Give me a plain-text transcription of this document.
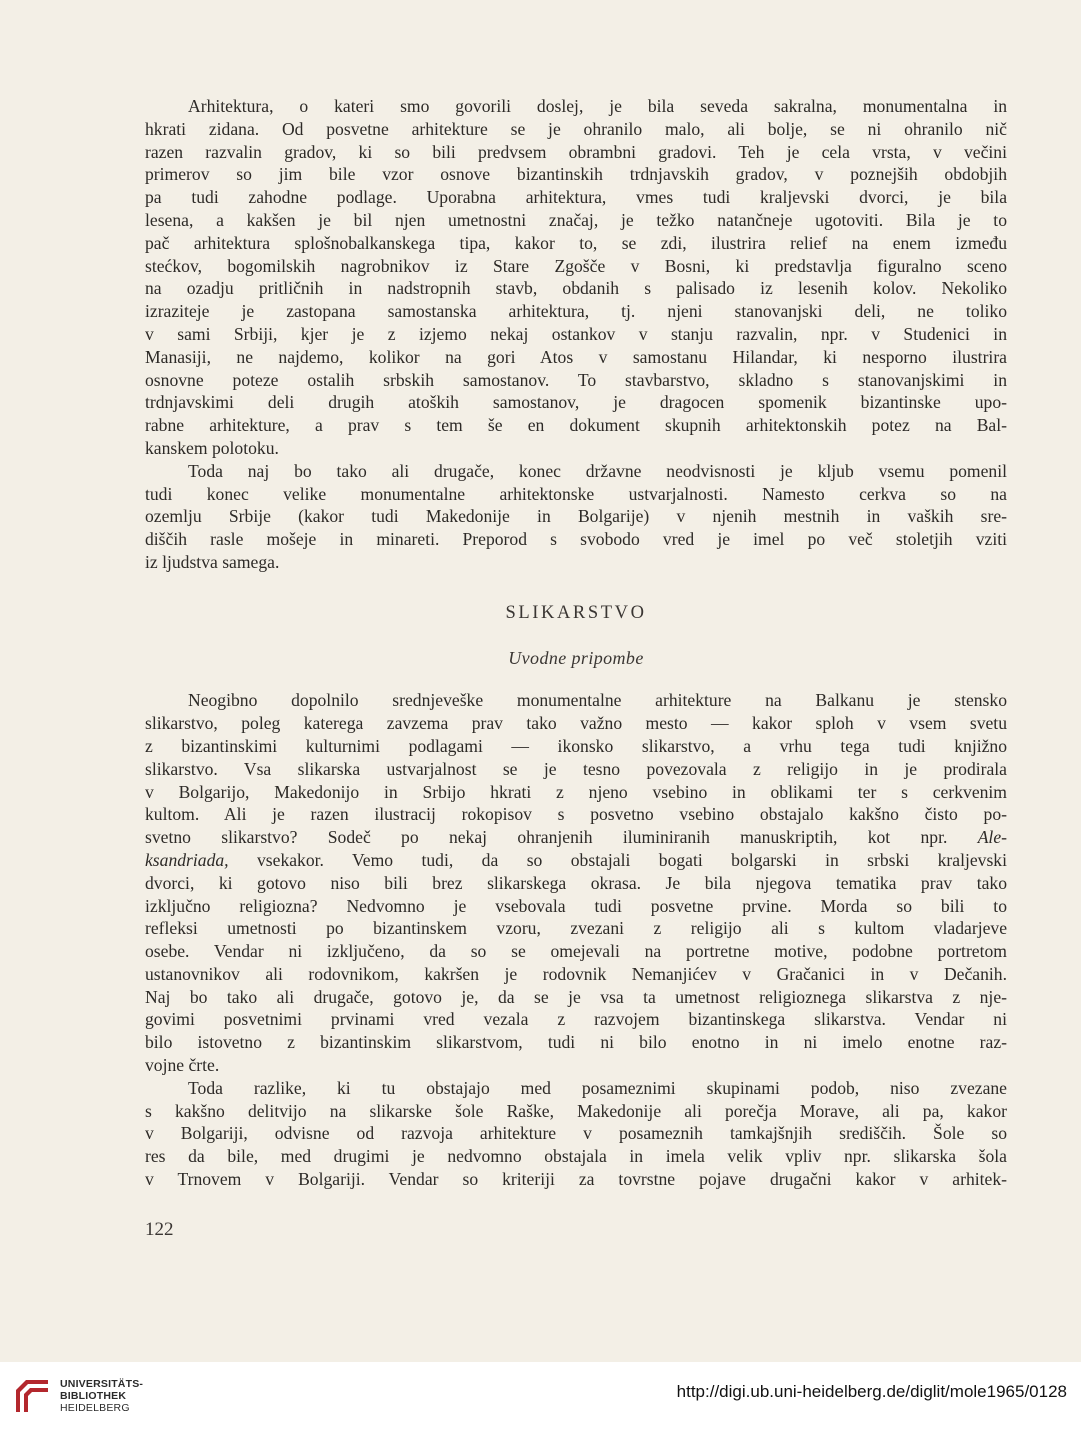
Arhitektura, o kateri smo govorili doslej, je bila seveda sakralna, monumentalna in
hkrati zidana. Od posvetne arhitekture se je ohranilo malo, ali bolje, se ni ohranilo nič
razen razvalin gradov, ki so bili predvsem obrambni gradovi. Teh je cela vrsta, v večini
primerov so jim bile vzor osnove bizantinskih trdnjavskih gradov, v poznejših obdobjih
pa tudi zahodne podlage. Uporabna arhitektura, vmes tudi kraljevski dvorci, je bila
lesena, a kakšen je bil njen umetnostni značaj, je težko natančneje ugotoviti. Bila je to
pač arhitektura splošnobalkanskega tipa, kakor to, se zdi, ilustrira relief na enem između
stećkov, bogomilskih nagrobnikov iz Stare Zgošče v Bosni, ki predstavlja figuralno sceno
na ozadju pritličnih in nadstropnih stavb, obdanih s palisado iz lesenih kolov. Nekoliko
izraziteje je zastopana samostanska arhitektura, tj. njeni stanovanjski deli, ne toliko
v sami Srbiji, kjer je z izjemo nekaj ostankov v stanju razvalin, npr. v Studenici in
Manasiji, ne najdemo, kolikor na gori Atos v samostanu Hilandar, ki nesporno ilustrira
osnovne poteze ostalih srbskih samostanov. To stavbarstvo, skladno s stanovanjskimi in
trdnjavskimi deli drugih atoških samostanov, je dragocen spomenik bizantinske upo-
rabne arhitekture, a prav s tem še en dokument skupnih arhitektonskih potez na Bal-
kanskem polotoku.
Toda naj bo tako ali drugače, konec državne neodvisnosti je kljub vsemu pomenil
tudi konec velike monumentalne arhitektonske ustvarjalnosti. Namesto cerkva so na
ozemlju Srbije (kakor tudi Makedonije in Bolgarije) v njenih mestnih in vaških sre-
diščih rasle mošeje in minareti. Preporod s svobodo vred je imel po več stoletjih vziti
iz ljudstva samega.
SLIKARSTVO
Uvodne pripombe
Neogibno dopolnilo srednjeveške monumentalne arhitekture na Balkanu je stensko
slikarstvo, poleg katerega zavzema prav tako važno mesto — kakor sploh v vsem svetu
z bizantinskimi kulturnimi podlagami — ikonsko slikarstvo, a vrhu tega tudi knjižno
slikarstvo. Vsa slikarska ustvarjalnost se je tesno povezovala z religijo in je prodirala
v Bolgarijo, Makedonijo in Srbijo hkrati z njeno vsebino in oblikami ter s cerkvenim
kultom. Ali je razen ilustracij rokopisov s posvetno vsebino obstajalo kakšno čisto po-
svetno slikarstvo? Sodeč po nekaj ohranjenih iluminiranih manuskriptih, kot npr. Ale-
ksandriada, vsekakor. Vemo tudi, da so obstajali bogati bolgarski in srbski kraljevski
dvorci, ki gotovo niso bili brez slikarskega okrasa. Je bila njegova tematika prav tako
izključno religiozna? Nedvomno je vsebovala tudi posvetne prvine. Morda so bili to
refleksi umetnosti po bizantinskem vzoru, zvezani z religijo ali s kultom vladarjeve
osebe. Vendar ni izključeno, da so se omejevali na portretne motive, podobne portretom
ustanovnikov ali rodovnikom, kakršen je rodovnik Nemanjićev v Gračanici in v Dečanih.
Naj bo tako ali drugače, gotovo je, da se je vsa ta umetnost religioznega slikarstva z nje-
govimi posvetnimi prvinami vred vezala z razvojem bizantinskega slikarstva. Vendar ni
bilo istovetno z bizantinskim slikarstvom, tudi ni bilo enotno in ni imelo enotne raz-
vojne črte.
Toda razlike, ki tu obstajajo med posameznimi skupinami podob, niso zvezane
s kakšno delitvijo na slikarske šole Raške, Makedonije ali porečja Morave, ali pa, kakor
v Bolgariji, odvisne od razvoja arhitekture v posameznih tamkajšnjih središčih. Šole so
res da bile, med drugimi je nedvomno obstajala in imela velik vpliv npr. slikarska šola
v Trnovem v Bolgariji. Vendar so kriteriji za tovrstne pojave drugačni kakor v arhitek-
122
UNIVERSITÄTS-
BIBLIOTHEK
HEIDELBERG
http://digi.ub.uni-heidelberg.de/diglit/mole1965/0128
